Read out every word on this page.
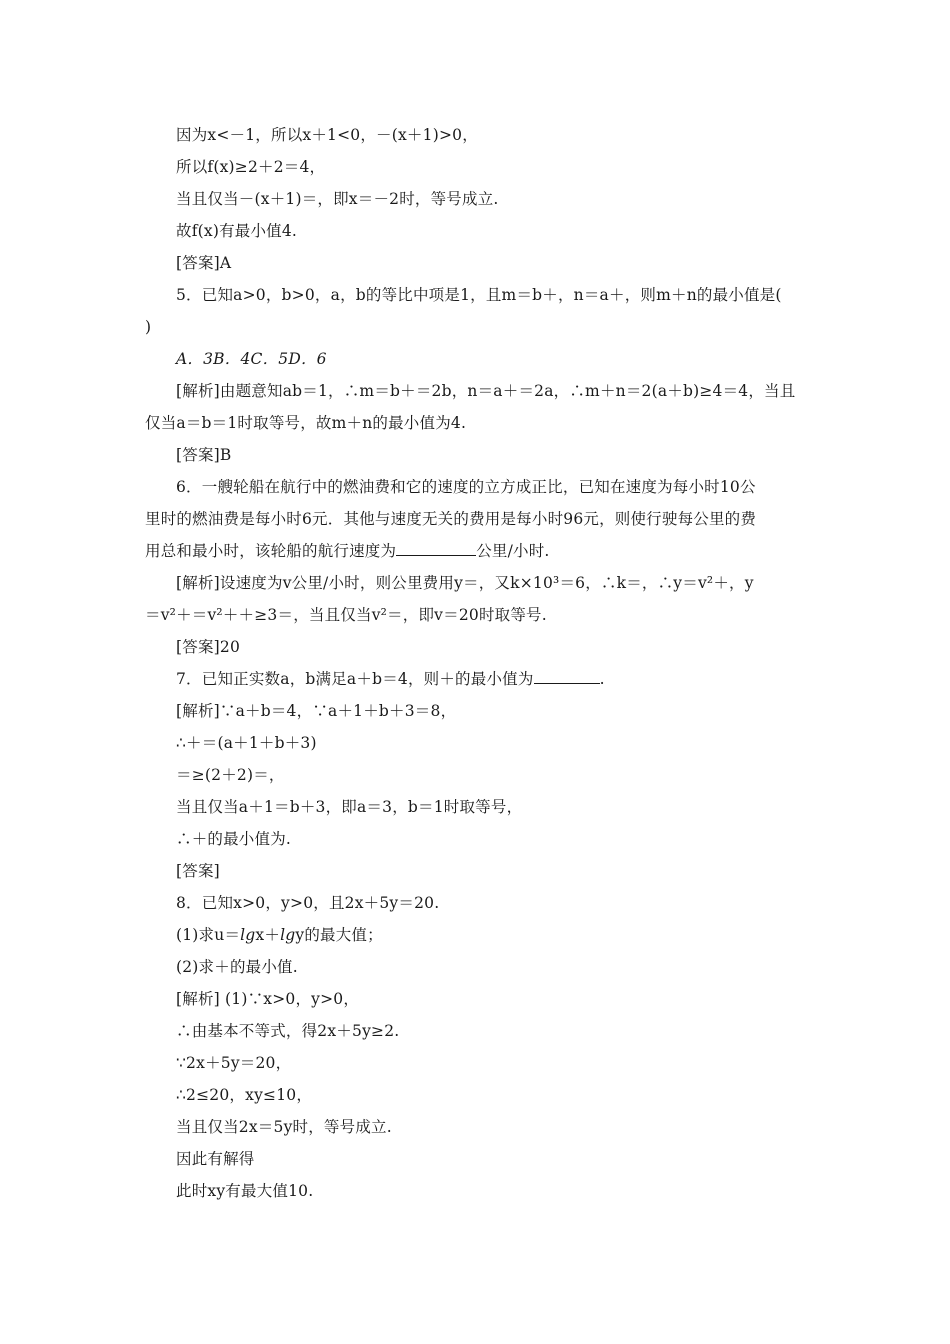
因为x<－1，所以x＋1<0，－(x＋1)>0，
所以f(x)≥2＋2＝4，
当且仅当－(x＋1)＝，即x＝－2时，等号成立.
故f(x)有最小值4.
[答案]A
5．已知a>0，b>0，a，b的等比中项是1，且m＝b＋，n＝a＋，则m＋n的最小值是(
)
A．3B．4C．5D．6
[解析]由题意知ab＝1，∴m＝b＋＝2b，n＝a＋＝2a，∴m＋n＝2(a＋b)≥4＝4，当且
仅当a＝b＝1时取等号，故m＋n的最小值为4.
[答案]B
6．一艘轮船在航行中的燃油费和它的速度的立方成正比，已知在速度为每小时10公
里时的燃油费是每小时6元．其他与速度无关的费用是每小时96元，则使行驶每公里的费
用总和最小时，该轮船的航行速度为	公里/小时.
[解析]设速度为v公里/小时，则公里费用y＝，又k×10³＝6，∴k＝，∴y＝v²＋，y
＝v²＋＝v²＋＋≥3＝，当且仅当v²＝，即v＝20时取等号.
[答案]20
7．已知正实数a，b满足a＋b＝4，则＋的最小值为	.
[解析]∵a＋b＝4，∵a＋1＋b＋3＝8，
∴＋＝(a＋1＋b＋3)
＝≥(2＋2)＝，
当且仅当a＋1＝b＋3，即a＝3，b＝1时取等号，
∴＋的最小值为.
[答案]
8．已知x>0，y>0，且2x＋5y＝20.
(1)求u＝lgx＋lgy的最大值；
(2)求＋的最小值.
[解析] (1)∵x>0，y>0，
∴由基本不等式，得2x＋5y≥2.
∵2x＋5y＝20，
∴2≤20，xy≤10，
当且仅当2x＝5y时，等号成立.
因此有解得
此时xy有最大值10.
